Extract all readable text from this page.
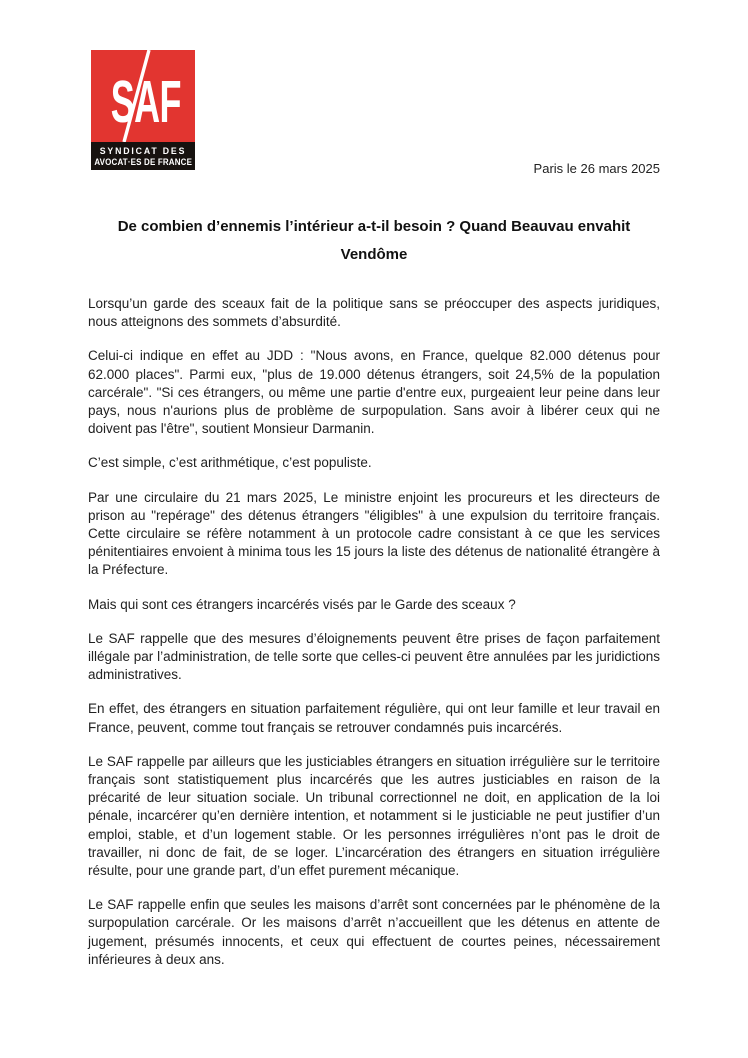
SAF
SYNDICAT DES
AVOCAT·ES DE FRANCE	Paris le 26 mars 2025
De combien d’ennemis l’intérieur a-t-il besoin ? Quand Beauvau envahit Vendôme

Lorsqu’un garde des sceaux fait de la politique sans se préoccuper des aspects juridiques, nous atteignons des sommets d’absurdité.

Celui-ci indique en effet au JDD : "Nous avons, en France, quelque 82.000 détenus pour 62.000 places". Parmi eux, "plus de 19.000 détenus étrangers, soit 24,5% de la population carcérale". "Si ces étrangers, ou même une partie d'entre eux, purgeaient leur peine dans leur pays, nous n'aurions plus de problème de surpopulation. Sans avoir à libérer ceux qui ne doivent pas l'être", soutient Monsieur Darmanin.

C’est simple, c’est arithmétique, c’est populiste.

Par une circulaire du 21 mars 2025, Le ministre enjoint les procureurs et les directeurs de prison au "repérage" des détenus étrangers "éligibles" à une expulsion du territoire français. Cette circulaire se réfère notamment à un protocole cadre consistant à ce que les services pénitentiaires envoient à minima tous les 15 jours la liste des détenus de nationalité étrangère à la Préfecture.

Mais qui sont ces étrangers incarcérés visés par le Garde des sceaux ?

Le SAF rappelle que des mesures d’éloignements peuvent être prises de façon parfaitement illégale par l’administration, de telle sorte que celles-ci peuvent être annulées par les juridictions administratives.

En effet, des étrangers en situation parfaitement régulière, qui ont leur famille et leur travail en France, peuvent, comme tout français se retrouver condamnés puis incarcérés.

Le SAF rappelle par ailleurs que les justiciables étrangers en situation irrégulière sur le territoire français sont statistiquement plus incarcérés que les autres justiciables en raison de la précarité de leur situation sociale. Un tribunal correctionnel ne doit, en application de la loi pénale, incarcérer qu’en dernière intention, et notamment si le justiciable ne peut justifier d’un emploi, stable, et d’un logement stable. Or les personnes irrégulières n’ont pas le droit de travailler, ni donc de fait, de se loger. L’incarcération des étrangers en situation irrégulière résulte, pour une grande part, d’un effet purement mécanique.

Le SAF rappelle enfin que seules les maisons d’arrêt sont concernées par le phénomène de la surpopulation carcérale. Or les maisons d’arrêt n’accueillent que les détenus en attente de jugement, présumés innocents, et ceux qui effectuent de courtes peines, nécessairement inférieures à deux ans.
